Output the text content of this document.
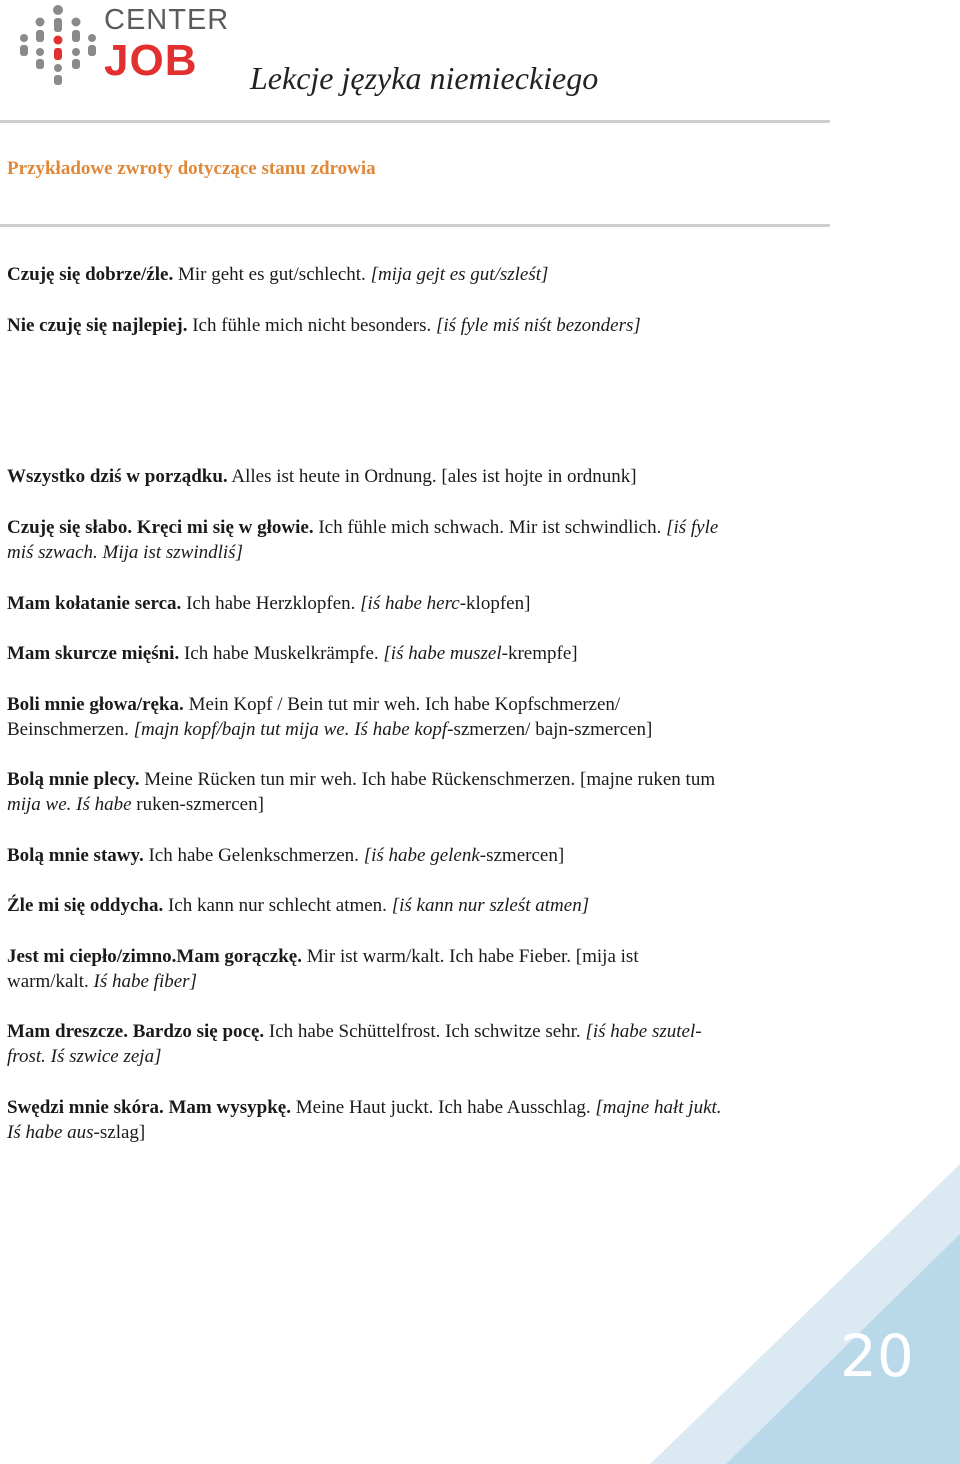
CENTER
JOB Lekcje języka niemieckiego
Przykładowe zwroty dotyczące stanu zdrowia
Czuję się dobrze/źle. Mir geht es gut/schlecht. [mija gejt es gut/szleśt]
Nie czuję się najlepiej. Ich fühle mich nicht besonders. [iś fyle miś niśt bezonders]
Wszystko dziś w porządku. Alles ist heute in Ordnung. [ales ist hojte in ordnunk]
Czuję się słabo. Kręci mi się w głowie. Ich fühle mich schwach. Mir ist schwindlich. [iś fyle
miś szwach. Mija ist szwindliś]
Mam kołatanie serca. Ich habe Herzklopfen. [iś habe herc-klopfen]
Mam skurcze mięśni. Ich habe Muskelkrämpfe. [iś habe muszel-krempfe]
Boli mnie głowa/ręka. Mein Kopf / Bein tut mir weh. Ich habe Kopfschmerzen/
Beinschmerzen. [majn kopf/bajn tut mija we. Iś habe kopf-szmerzen/ bajn-szmercen]
Bolą mnie plecy. Meine Rücken tun mir weh. Ich habe Rückenschmerzen. [majne ruken tum
mija we. Iś habe ruken-szmercen]
Bolą mnie stawy. Ich habe Gelenkschmerzen. [iś habe gelenk-szmercen]
Źle mi się oddycha. Ich kann nur schlecht atmen. [iś kann nur szleśt atmen]
Jest mi ciepło/zimno.Mam gorączkę. Mir ist warm/kalt. Ich habe Fieber. [mija ist
warm/kalt. Iś habe fiber]
Mam dreszcze. Bardzo się pocę. Ich habe Schüttelfrost. Ich schwitze sehr. [iś habe szutel-
frost. Iś szwice zeja]
Swędzi mnie skóra. Mam wysypkę. Meine Haut juckt. Ich habe Ausschlag. [majne hałt jukt.
Iś habe aus-szlag]
20
